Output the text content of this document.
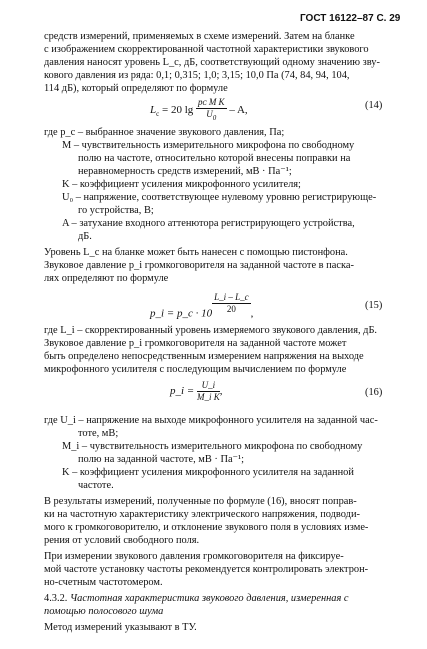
ГОСТ 16122–87 С. 29
средств измерений, применяемых в схеме измерений. Затем на бланке
с изображением скорректированной частотной характеристики звукового
давления наносят уровень L_c, дБ, соответствующий одному значению зву-
кового давления из ряда: 0,1; 0,315; 1,0; 3,15; 10,0 Па (74, 84, 94, 104,
114 дБ), который определяют по формуле
$L_c = 20$ $\lg \frac{\text{pᴄ M K}}{U_0}$ – A,	(14)
где p_c – выбранное значение звукового давления, Па;
M – чувствительность измерительного микрофона по свободному
полю на частоте, относительно которой внесены поправки на
неравномерность средств измерений, мВ · Па⁻¹;
K – коэффициент усиления микрофонного усилителя;
U₀ – напряжение, соответствующее нулевому уровню регистрирующе-
го устройства, В;
A – затухание входного аттенютора регистрирующего устройства,
дБ.
Уровень L_c на бланке может быть нанесен с помощью пистонфона.
Звуковое давление p_i громкоговорителя на заданной частоте в паска-
лях определяют по формуле
p_i = p_c · $10 \frac{L\_i - L\_c}{20}$ ,
(15)
где L_i – скорректированный уровень измеряемого звукового давления, дБ.
Звуковое давление p_i громкоговорителя на заданной частоте может
быть определено непосредственным измерением напряжения на выходе
микрофонного усилителя с последующим вычислением по формуле
p_i = $\frac{U\_i}{\text{M\_i K}}$ ,	(16)
где U_i – напряжение на выходе микрофонного усилителя на заданной час-
тоте, мВ;
M_i – чувствительность измерительного микрофона по свободному
полю на заданной частоте, мВ · Па⁻¹;
K – коэффициент усиления микрофонного усилителя на заданной
частоте.
В результаты измерений, полученные по формуле (16), вносят поправ-
ки на частотную характеристику электрического напряжения, подводи-
мого к громкоговорителю, и отклонение звукового поля в условиях изме-
рения от условий свободного поля.
При измерении звукового давления громкоговорителя на фиксируе-
мой частоте установку частоты рекомендуется контролировать электрон-
но-счетным частотомером.
4.3.2. Частотная характеристика звукового давления, измеренная с
помощью полосового шума
Метод измерений указывают в ТУ.
